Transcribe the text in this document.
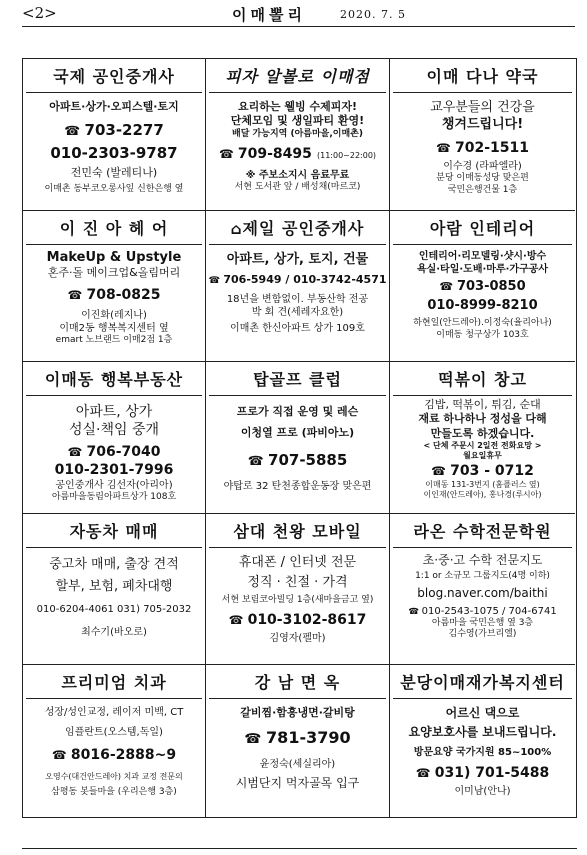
<2>	이매뽈리	2020. 7. 5
국제 공인중개사
아파트·상가·오피스텔·토지
☎ 703-2277
010-2303-9787
전민숙 (발레티나)
이매촌 동부코오롱사잎 신한은행 옆
피자 알볼로 이매점
요리하는 웰빙 수제피자!
단체모임 및 생일파티 환영!
배달 가능지역 (아름마을,이매촌)
☎ 709-8495 (11:00~22:00)
※ 주보소지시 음료무료
서현 도서관 앞 / 배성채(마르코)
이매 다나 약국
교우분들의 건강을
챙겨드립니다!
☎ 702-1511
이수경 (라파엘라)
분당 이매동성당 맞은편
국민은행건물 1층
이 진 아 헤 어
MakeUp & Upstyle
혼주·돌 메이크업&올림머리
☎ 708-0825
이진화(레지나)
이매2동 행복복지센터 옆
emart 노브랜드 이매2점 1층
⌂ 제일 공인중개사
아파트, 상가, 토지, 건물
☎ 706-5949 / 010-3742-4571
18년을 변함없이. 부동산학 전공
박 회 견(세레자요한)
이매촌 한신아파트 상가 109호
아람 인테리어
인테리어·리모델링·샷시·방수
욕실·타일·도배·마루·가구공사
☎ 703-0850
010-8999-8210
하현일(안드레아).이정숙(율리아나)
이매동 청구상가 103호
이매동 행복부동산
아파트, 상가
성실·책임 중개
☎ 706-7040
010-2301-7996
공인중개사 김선자(아리아)
아름마을동림아파트상가 108호
탑골프 클럽
프로가 직접 운영 및 레슨
이청열 프로 (파비아노)
☎ 707-5885
야탑로 32 탄천종합운동장 맞은편
떡볶이 창고
김밥, 떡볶이, 튀김, 순대
재료 하나하나 정성을 다해
만들도록 하겠습니다.
< 단체 주문시 2일전 전화요망 >
월요일휴무
☎ 703 - 0712
이매동 131-3번지 (홈플러스 옆)
이인재(안드레아), 홍나경(루시아)
자동차 매매
중고차 매매, 출장 견적
할부, 보험, 폐차대행
010-6204-4061 031) 705-2032
최수기(바오로)
삼대 천왕 모바일
휴대폰 / 인터넷 전문
정직 · 친절 · 가격
서현 보림코아빌딩 1층(새마을금고 옆)
☎ 010-3102-8617
김영자(펠마)
라온 수학전문학원
초·중·고 수학 전문지도
1:1 or 소규모 그룹지도(4명 이하)
blog.naver.com/baithi
☎ 010-2543-1075 / 704-6741
아름마을 국민은행 옆 3층
김수영(가브리엘)
프리미엄 치과
성장/성인교정, 레이저 미백, CT
임플란트(오스템,독일)
☎ 8016-2888~9
오영수(대건안드레아) 치과 교정 전문의
삼평동 봇들마을 (우리은행 3층)
강 남 면 옥
갈비찜·함흥냉면·갈비탕
☎ 781-3790
윤정숙(세실리아)
시범단지 먹자골목 입구
분당이매재가복지센터
어르신 댁으로
요양보호사를 보내드립니다.
방문요양 국가지원 85~100%
☎ 031) 701-5488
이미남(안나)
